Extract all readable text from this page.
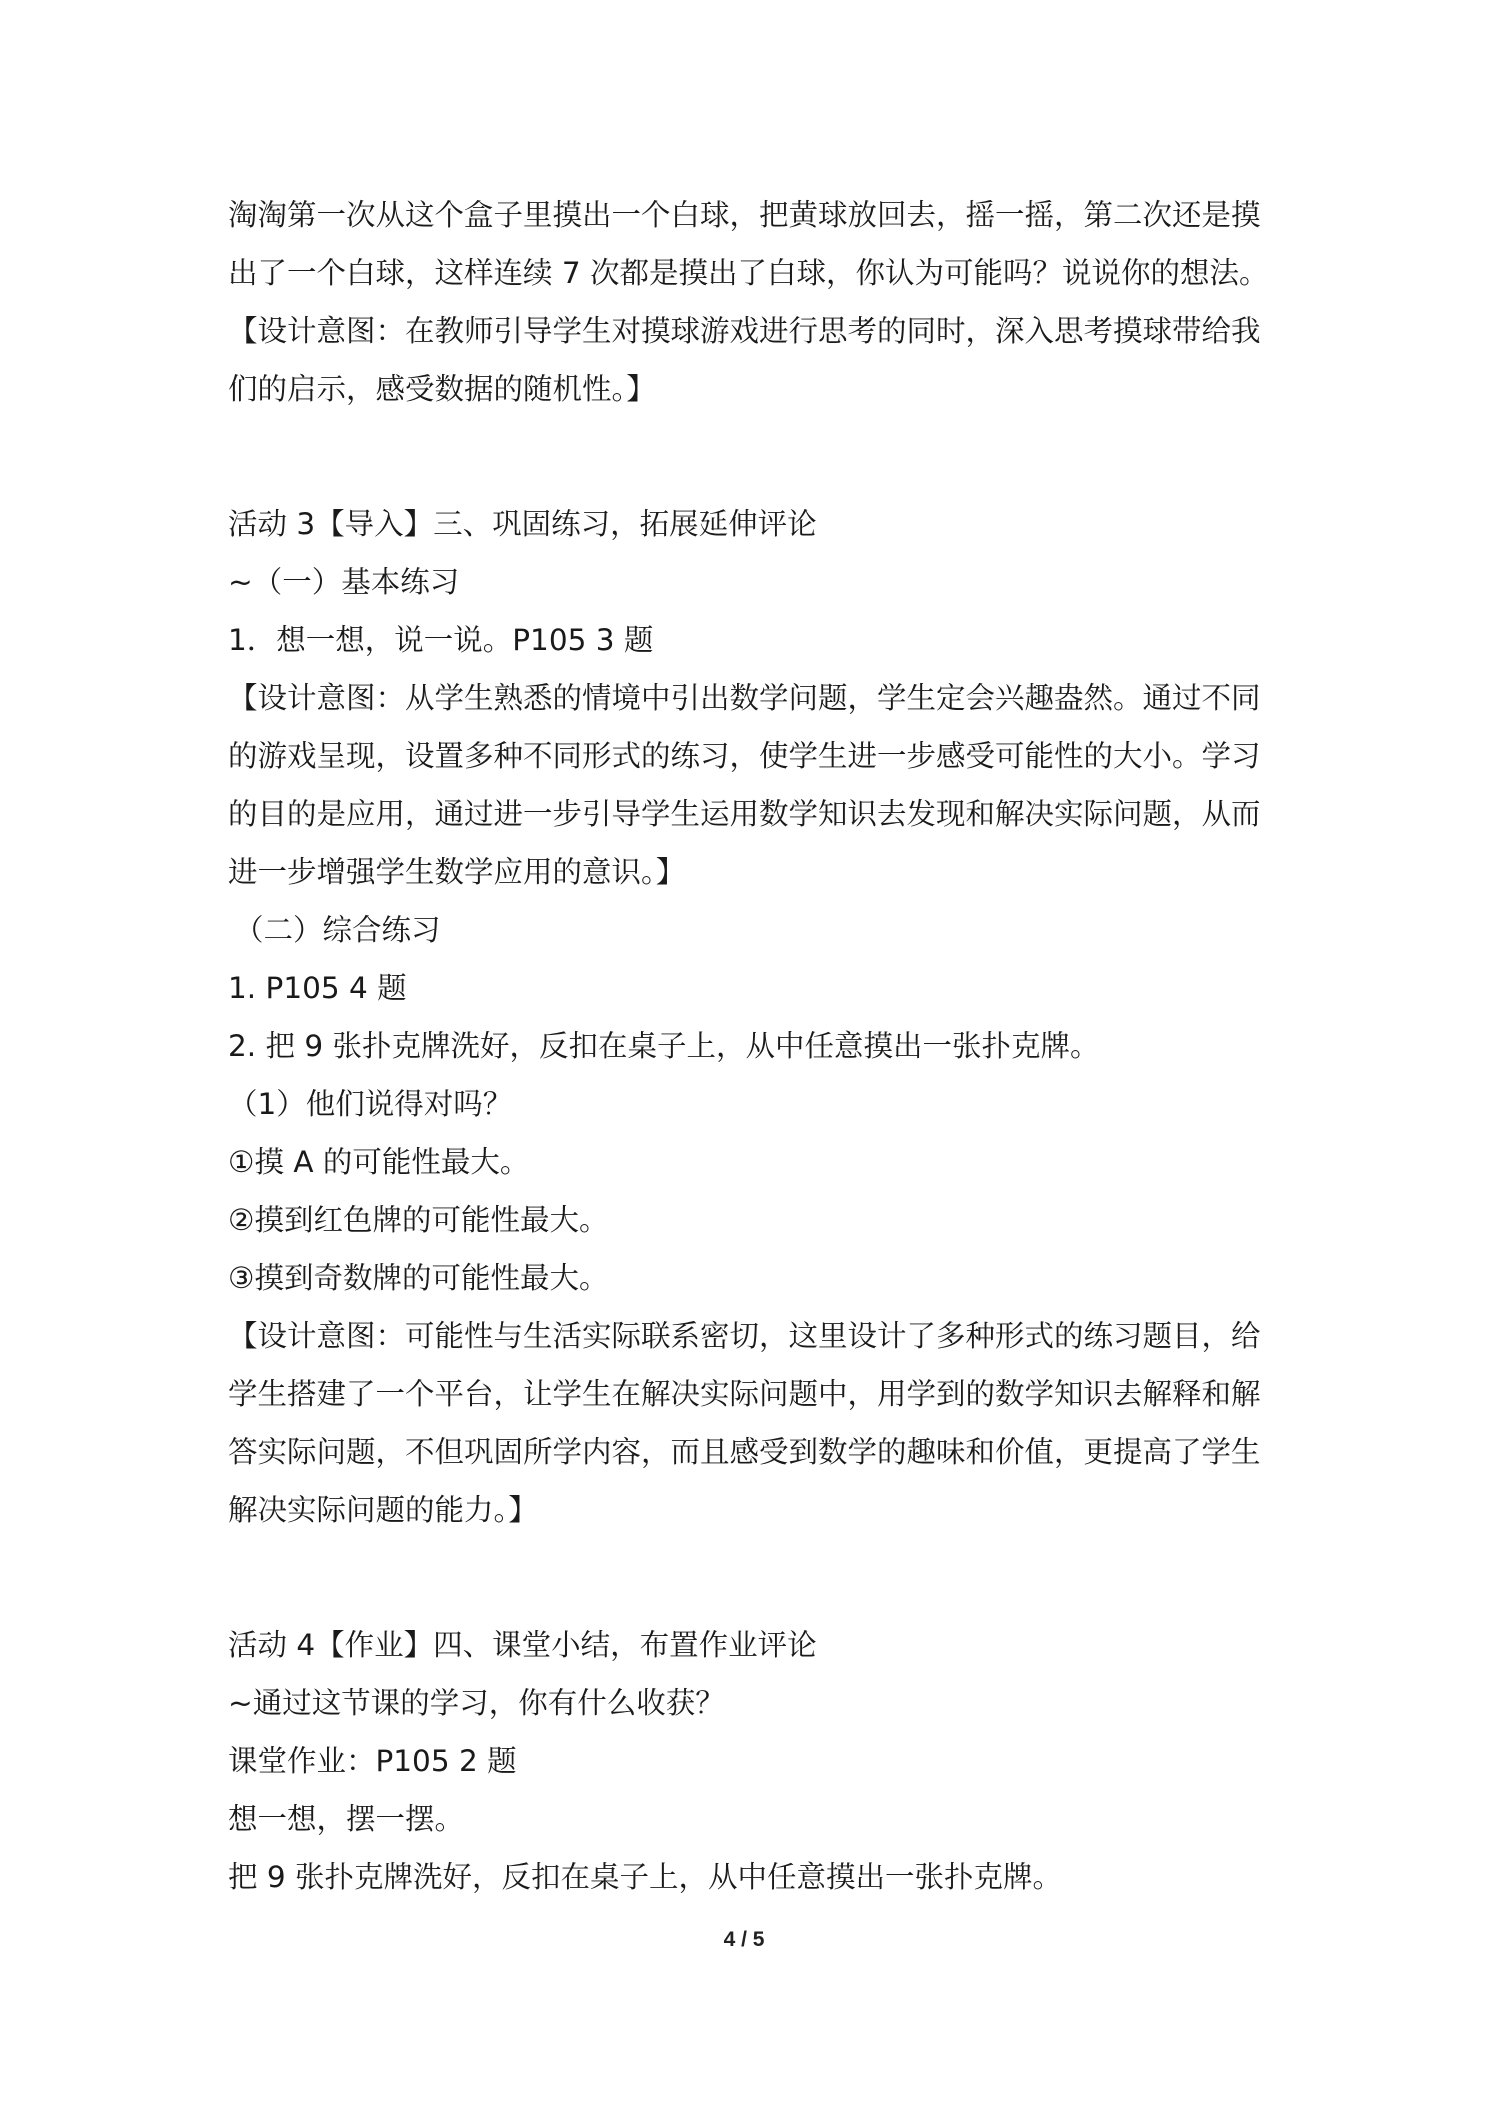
淘淘第一次从这个盒子里摸出一个白球，把黄球放回去，摇一摇，第二次还是摸
出了一个白球，这样连续 7 次都是摸出了白球，你认为可能吗？说说你的想法。
【设计意图：在教师引导学生对摸球游戏进行思考的同时，深入思考摸球带给我
们的启示，感受数据的随机性。】
活动 3【导入】三、巩固练习，拓展延伸评论
~（一）基本练习
1．想一想，说一说。P105 3 题
【设计意图：从学生熟悉的情境中引出数学问题，学生定会兴趣盎然。通过不同
的游戏呈现，设置多种不同形式的练习，使学生进一步感受可能性的大小。学习
的目的是应用，通过进一步引导学生运用数学知识去发现和解决实际问题，从而
进一步增强学生数学应用的意识。】
（二）综合练习
1. P105 4 题
2. 把 9 张扑克牌洗好，反扣在桌子上，从中任意摸出一张扑克牌。
（1）他们说得对吗？
①摸 A 的可能性最大。
②摸到红色牌的可能性最大。
③摸到奇数牌的可能性最大。
【设计意图：可能性与生活实际联系密切，这里设计了多种形式的练习题目，给
学生搭建了一个平台，让学生在解决实际问题中，用学到的数学知识去解释和解
答实际问题，不但巩固所学内容，而且感受到数学的趣味和价值，更提高了学生
解决实际问题的能力。】
活动 4【作业】四、课堂小结，布置作业评论
~通过这节课的学习，你有什么收获？
课堂作业：P105 2 题
想一想，摆一摆。
把 9 张扑克牌洗好，反扣在桌子上，从中任意摸出一张扑克牌。
4 / 5
